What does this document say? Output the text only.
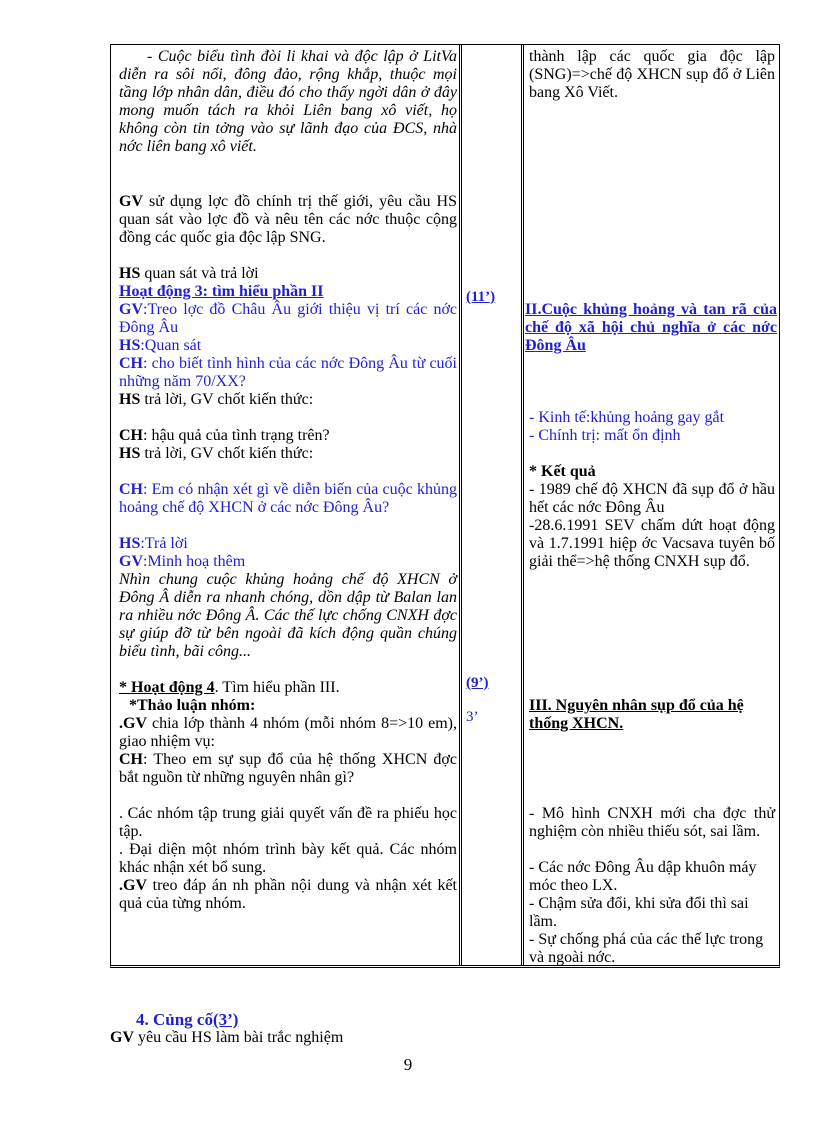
- Cuộc biểu tình đòi li khai và độc lập ở LitVa diễn ra sôi nổi, đông đảo, rộng khắp, thuộc mọi tầng lớp nhân dân, điều đó cho thấy ngời dân ở đây mong muốn tách ra khỏi Liên bang xô viết, họ không còn tin tởng vào sự lãnh đạo của ĐCS, nhà nớc liên bang xô viết.

GV sử dụng lợc đồ chính trị thế giới, yêu cầu HS quan sát vào lợc đồ và nêu tên các nớc thuộc cộng đồng các quốc gia độc lập SNG.

HS quan sát và trả lời

Hoạt động 3: tìm hiểu phần II

GV:Treo lợc đồ Châu Âu giới thiệu vị trí các nớc Đông Âu

HS:Quan sát

CH: cho biết tình hình của các nớc Đông Âu từ cuối những năm 70/XX?

HS trả lời, GV chốt kiến thức:

CH: hậu quả của tình trạng trên?

HS trả lời, GV chốt kiến thức:

CH: Em có nhận xét gì về diễn biến của cuộc khủng hoảng chế độ XHCN ở các nớc Đông Âu?

HS:Trả lời

GV:Minh hoạ thêm

Nhìn chung cuộc khủng hoảng chế độ XHCN ở Đông Â diễn ra nhanh chóng, dồn dập từ Balan lan ra nhiều nớc Đông Â. Các thế lực chống CNXH đợc sự giúp đỡ từ bên ngoài đã kích động quần chúng biểu tình, bãi công...

* Hoạt động 4. Tìm hiểu phần III.

*Thảo luận nhóm:

.GV chia lớp thành 4 nhóm (mỗi nhóm 8=>10 em), giao nhiệm vụ:

CH: Theo em sự sụp đổ của hệ thống XHCN đợc bắt nguồn từ những nguyên nhân gì?

. Các nhóm tập trung giải quyết vấn đề ra phiếu học tập.

. Đại diện một nhóm trình bày kết quả. Các nhóm khác nhận xét bổ sung.

.GV treo đáp án nh phần nội dung và nhận xét kết quả của từng nhóm.

(11’)

(9’)

3’

thành lập các quốc gia độc lập (SNG)=>chế độ XHCN sụp đổ ở Liên bang Xô Viết.

II.Cuộc khủng hoảng và tan rã của chế độ xã hội chủ nghĩa ở các nớc Đông Âu

- Kinh tế:khủng hoảng gay gắt

- Chính trị: mất ổn định

* Kết quả

- 1989 chế độ XHCN đã sụp đổ ở hầu hết các nớc Đông Âu

-28.6.1991 SEV chấm dứt hoạt động và 1.7.1991 hiệp ớc Vacsava tuyên bố giải thể=>hệ thống CNXH sụp đổ.

III. Nguyên nhân sụp đổ của hệ thống XHCN.

- Mô hình CNXH mới cha đợc thử nghiệm còn nhiều thiếu sót, sai lầm.

- Các nớc Đông Âu dập khuôn máy móc theo LX.

- Chậm sửa đổi, khi sửa đổi thì sai lầm.

- Sự chống phá của các thế lực trong và ngoài nớc.

4. Củng cố(3’)

GV yêu cầu HS làm bài trắc nghiệm

9
